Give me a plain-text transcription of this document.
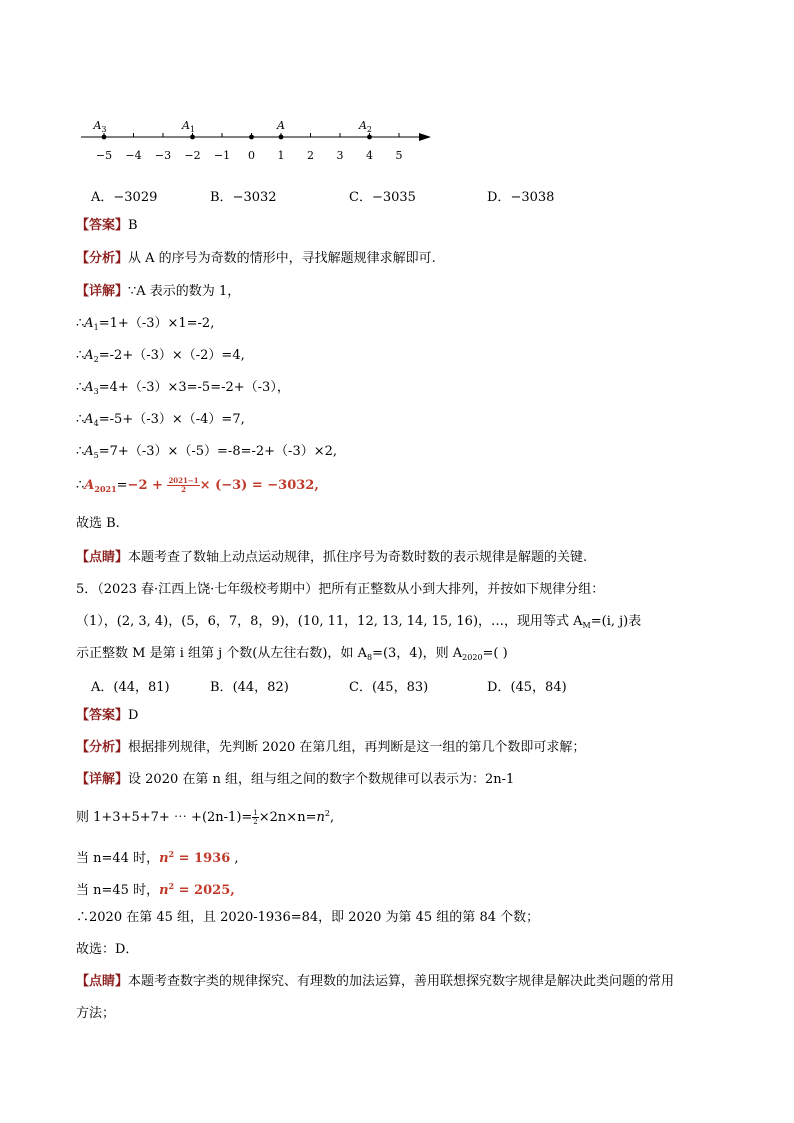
−5 −4 −3 −2 −1 0 1 2 3 4 5
$A_3$	$A_1$	A	$A_2$
A．−3029	B．−3032	C．−3035	D．−3038
【答案】B
【分析】从 A 的序号为奇数的情形中，寻找解题规律求解即可.
【详解】∵A 表示的数为 1，
$\therefore A_1=1+(-3)\times 1=-2$,
$\therefore A_2=-2+(-3)\times(-2)=4$,
$\therefore A_3=4+(-3)\times 3=-5=-2+(-3)$，
$\therefore A_4=-5+(-3)\times(-4)=7$,
$\therefore A_5=7+(-3)\times(-5)=-8=-2+(-3)\times 2$,
$\therefore A_{2021}=-2 + \frac{2021-1}{2} \times (-3) = -3032$,
故选 B.
【点睛】本题考查了数轴上动点运动规律，抓住序号为奇数时数的表示规律是解题的关键.
5．（2023 春·江西上饶·七年级校考期中）把所有正整数从小到大排列，并按如下规律分组：
（1），(2, 3, 4)，(5，6，7，8，9)，(10, 11，12, 13, 14, 15, 16)，…，现用等式 $A_M=(i$, j)表
示正整数 M 是第 i 组第 j 个数(从左往右数)，如 $A_8=(3$，4)，则 $A_{2020}=$( )
A．(44，81)	B．(44，82)	C．(45，83)	D．(45，84)
【答案】D
【分析】根据排列规律，先判断 2020 在第几组，再判断是这一组的第几个数即可求解；
【详解】设 2020 在第 n 组，组与组之间的数字个数规律可以表示为：2n-1
则 1+3+5+7+ ⋯ $+(2n-1)= \frac{1}{2} \times 2n\times n=n^2$,
当 n=44 时，$n^2 = 1936$ ,
当 n=45 时，$n^2 = 2025$,
∴2020 在第 45 组，且 2020-1936=84，即 2020 为第 45 组的第 84 个数；
故选：D．
【点睛】本题考查数字类的规律探究、有理数的加法运算，善用联想探究数字规律是解决此类问题的常用
方法；
